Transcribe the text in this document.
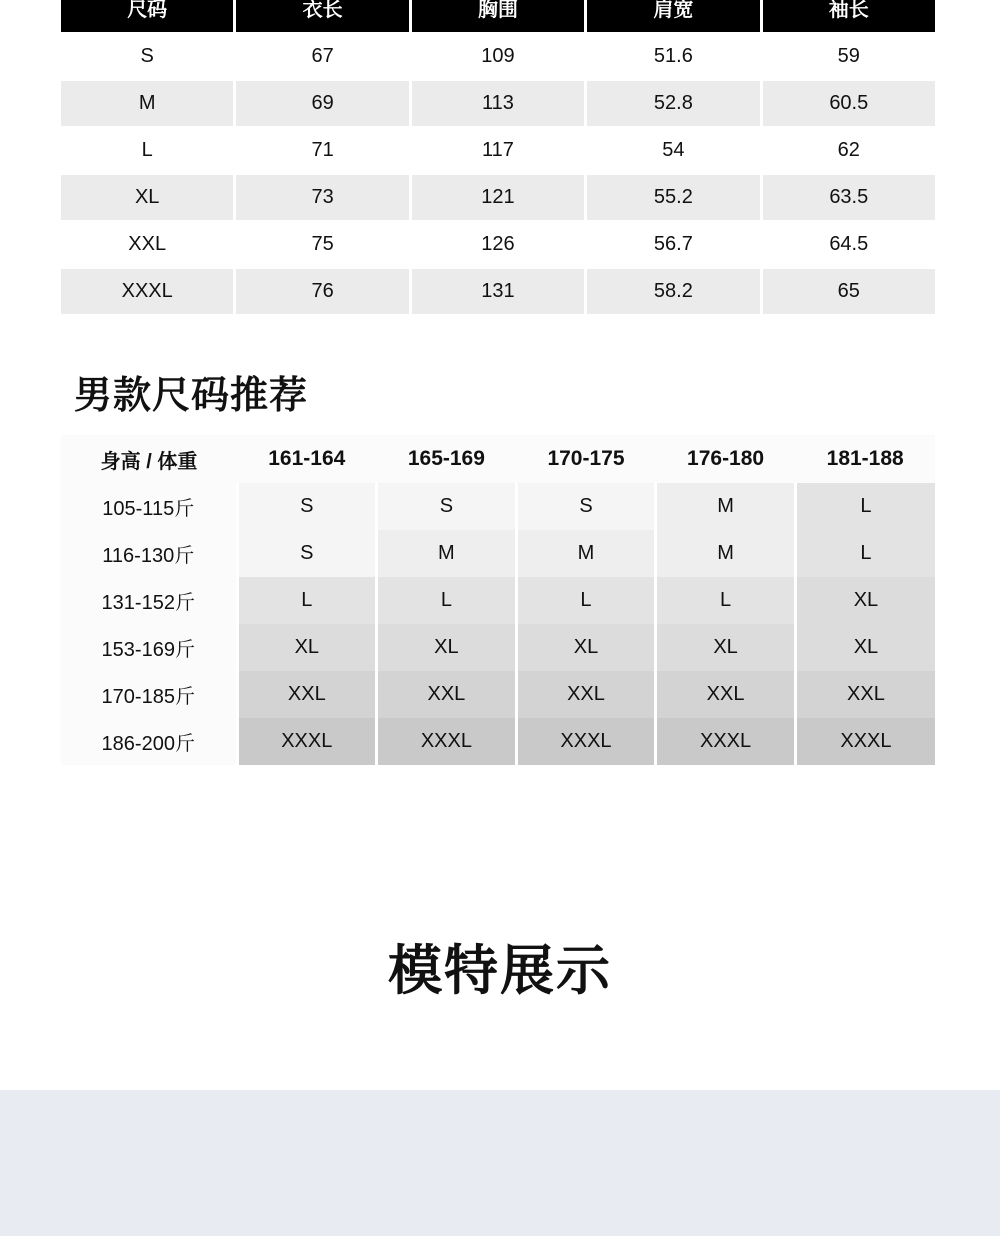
尺码	衣长	胸围	肩宽	袖长
S	67	109	51.6	59
M	69	113	52.8	60.5
L	71	117	54	62
XL	73	121	55.2	63.5
XXL	75	126	56.7	64.5
XXXL	76	131	58.2	65
男款尺码推荐
身高 / 体重	161-164	165-169	170-175	176-180	181-188
105-115斤	S	S	S	M	L
116-130斤	S	M	M	M	L
131-152斤	L	L	L	L	XL
153-169斤	XL	XL	XL	XL	XL
170-185斤	XXL	XXL	XXL	XXL	XXL
186-200斤	XXXL	XXXL	XXXL	XXXL	XXXL
模特展示
